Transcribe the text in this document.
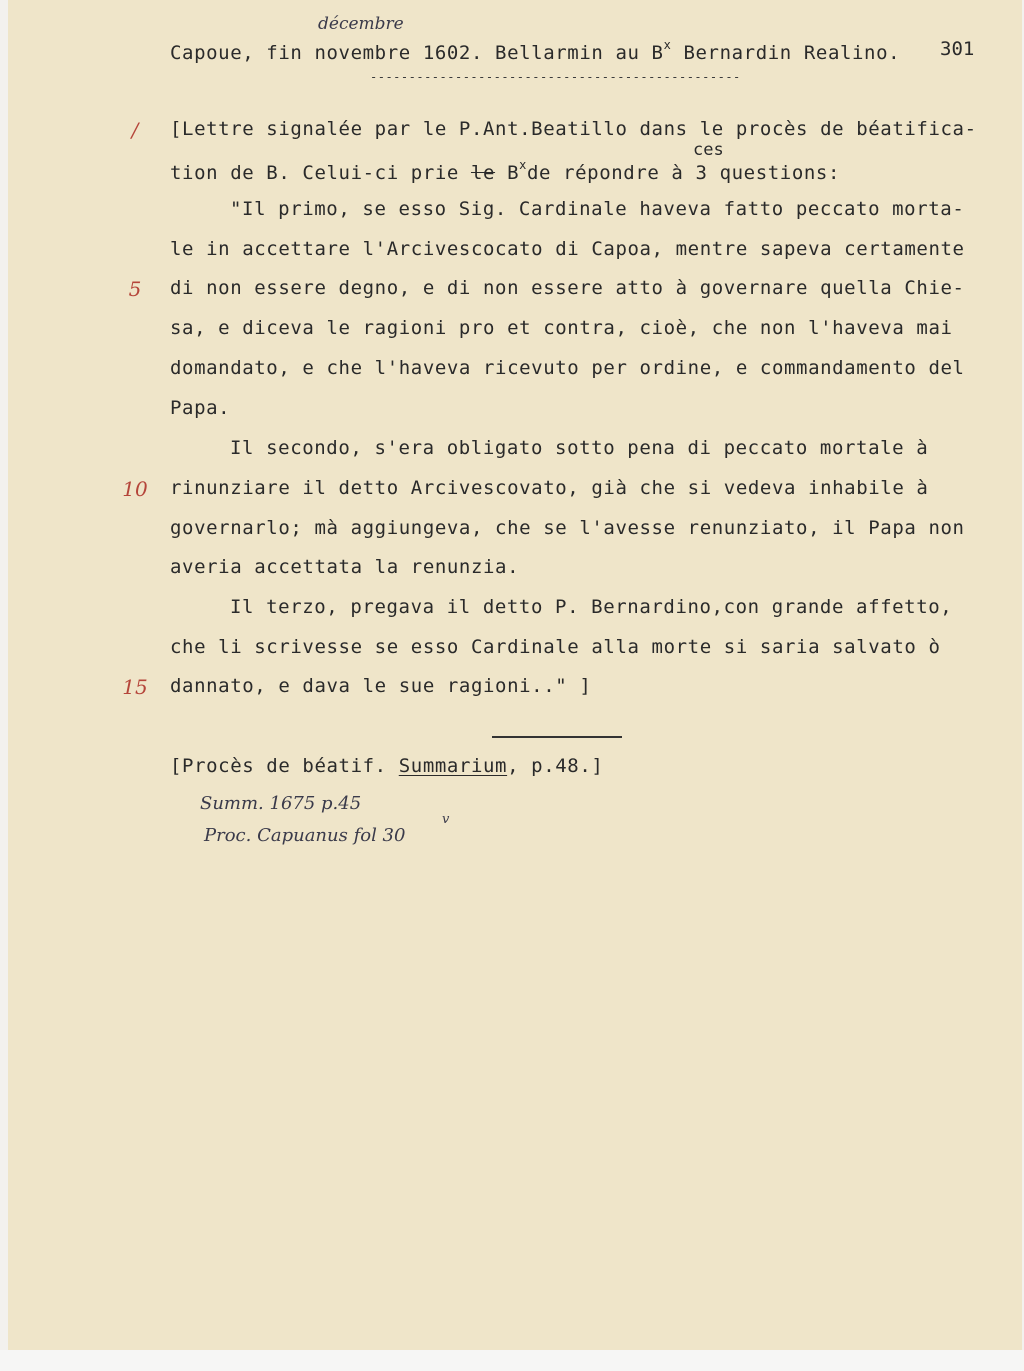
décembre
Capoue, fin novembre 1602. Bellarmin au $B^x$ Bernardin Realino. 301
------------------------------------------------
/
5
10
15
[Lettre signalée par le P.Ant.Beatillo dans le procès de béatifica-
ces
tion de B. Celui-ci prie le $B^xde$ répondre à 3 questions:
"Il primo, se esso Sig. Cardinale haveva fatto peccato morta-
le in accettare l'Arcivescocato di Capoa, mentre sapeva certamente
di non essere degno, e di non essere atto à governare quella Chie-
sa, e diceva le ragioni pro et contra, cioè, che non l'haveva mai
domandato, e che l'haveva ricevuto per ordine, e commandamento del
Papa.
Il secondo, s'era obligato sotto pena di peccato mortale à
rinunziare il detto Arcivescovato, già che si vedeva inhabile à
governarlo; mà aggiungeva, che se l'avesse renunziato, il Papa non
averia accettata la renunzia.
Il terzo, pregava il detto P. Bernardino,con grande affetto,
che li scrivesse se esso Cardinale alla morte si saria salvato ò
dannato, e dava le sue ragioni.." ]
[Procès de béatif. Summarium, p.48.]
Summ. 1675 p.45
Proc. Capuanus fol 30
v
